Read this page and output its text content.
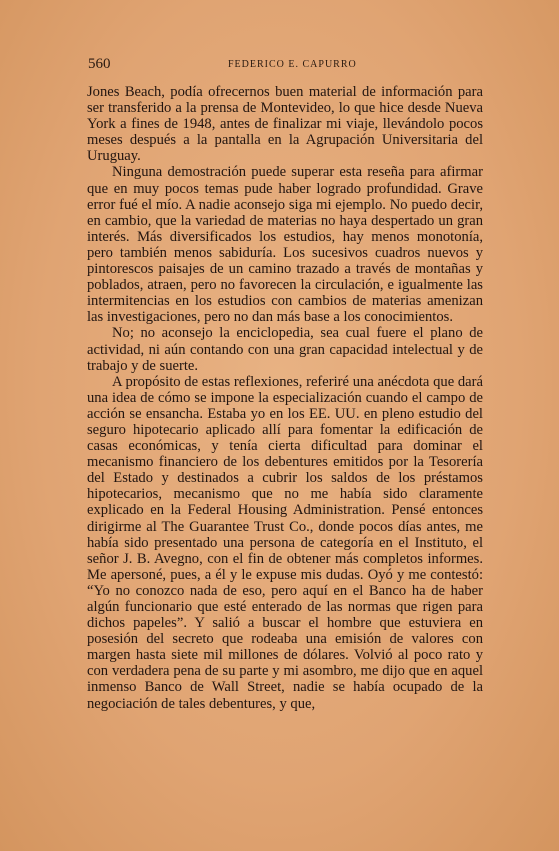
560	FEDERICO E. CAPURRO

Jones Beach, podía ofrecernos buen material de información para ser transferido a la prensa de Montevideo, lo que hice desde Nueva York a fines de 1948, antes de finalizar mi viaje, llevándolo pocos meses después a la pantalla en la Agrupación Universitaria del Uruguay.

Ninguna demostración puede superar esta reseña para afirmar que en muy pocos temas pude haber logrado profundidad. Grave error fué el mío. A nadie aconsejo siga mi ejemplo. No puedo decir, en cambio, que la variedad de materias no haya despertado un gran interés. Más diversificados los estudios, hay menos monotonía, pero también menos sabiduría. Los sucesivos cuadros nuevos y pintorescos paisajes de un camino trazado a través de montañas y poblados, atraen, pero no favorecen la circulación, e igualmente las intermitencias en los estudios con cambios de materias amenizan las investigaciones, pero no dan más base a los conocimientos.

No; no aconsejo la enciclopedia, sea cual fuere el plano de actividad, ni aún contando con una gran capacidad intelectual y de trabajo y de suerte.

A propósito de estas reflexiones, referiré una anécdota que dará una idea de cómo se impone la especialización cuando el campo de acción se ensancha. Estaba yo en los EE. UU. en pleno estudio del seguro hipotecario aplicado allí para fomentar la edificación de casas económicas, y tenía cierta dificultad para dominar el mecanismo financiero de los debentures emitidos por la Tesorería del Estado y destinados a cubrir los saldos de los préstamos hipotecarios, mecanismo que no me había sido claramente explicado en la Federal Housing Administration. Pensé entonces dirigirme al The Guarantee Trust Co., donde pocos días antes, me había sido presentado una persona de categoría en el Instituto, el señor J. B. Avegno, con el fin de obtener más completos informes. Me apersoné, pues, a él y le expuse mis dudas. Oyó y me contestó: “Yo no conozco nada de eso, pero aquí en el Banco ha de haber algún funcionario que esté enterado de las normas que rigen para dichos papeles”. Y salió a buscar el hombre que estuviera en posesión del secreto que rodeaba una emisión de valores con margen hasta siete mil millones de dólares. Volvió al poco rato y con verdadera pena de su parte y mi asombro, me dijo que en aquel inmenso Banco de Wall Street, nadie se había ocupado de la negociación de tales debentures, y que,
